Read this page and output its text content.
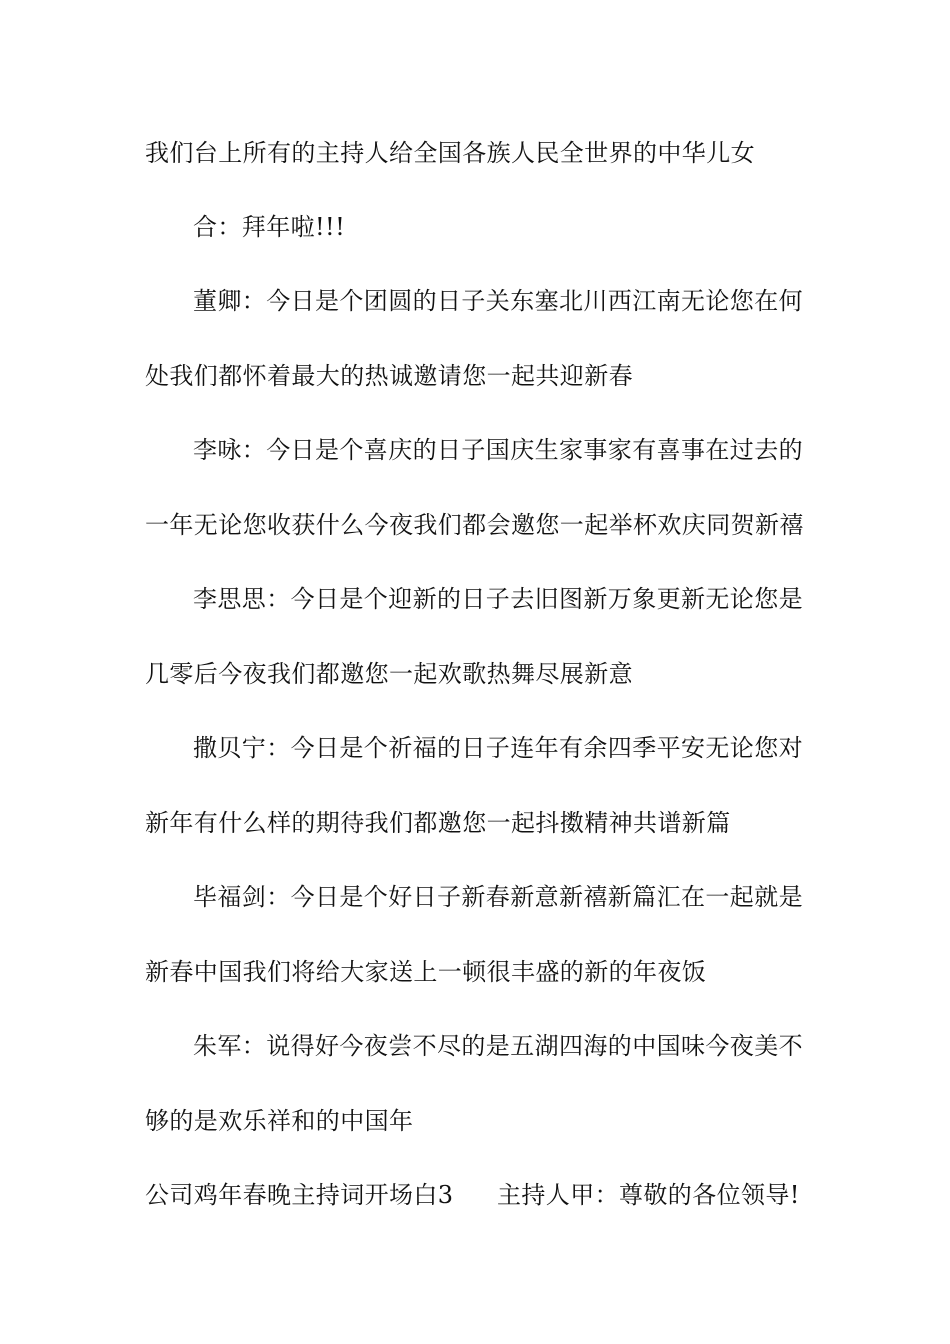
我们台上所有的主持人给全国各族人民全世界的中华儿女
合：拜年啦!!!
董卿：今日是个团圆的日子关东塞北川西江南无论您在何
处我们都怀着最大的热诚邀请您一起共迎新春
李咏：今日是个喜庆的日子国庆生家事家有喜事在过去的
一年无论您收获什么今夜我们都会邀您一起举杯欢庆同贺新禧
李思思：今日是个迎新的日子去旧图新万象更新无论您是
几零后今夜我们都邀您一起欢歌热舞尽展新意
撒贝宁：今日是个祈福的日子连年有余四季平安无论您对
新年有什么样的期待我们都邀您一起抖擞精神共谱新篇
毕福剑：今日是个好日子新春新意新禧新篇汇在一起就是
新春中国我们将给大家送上一顿很丰盛的新的年夜饭
朱军：说得好今夜尝不尽的是五湖四海的中国味今夜美不
够的是欢乐祥和的中国年
公司鸡年春晚主持词开场白3	主持人甲：尊敬的各位领导!
